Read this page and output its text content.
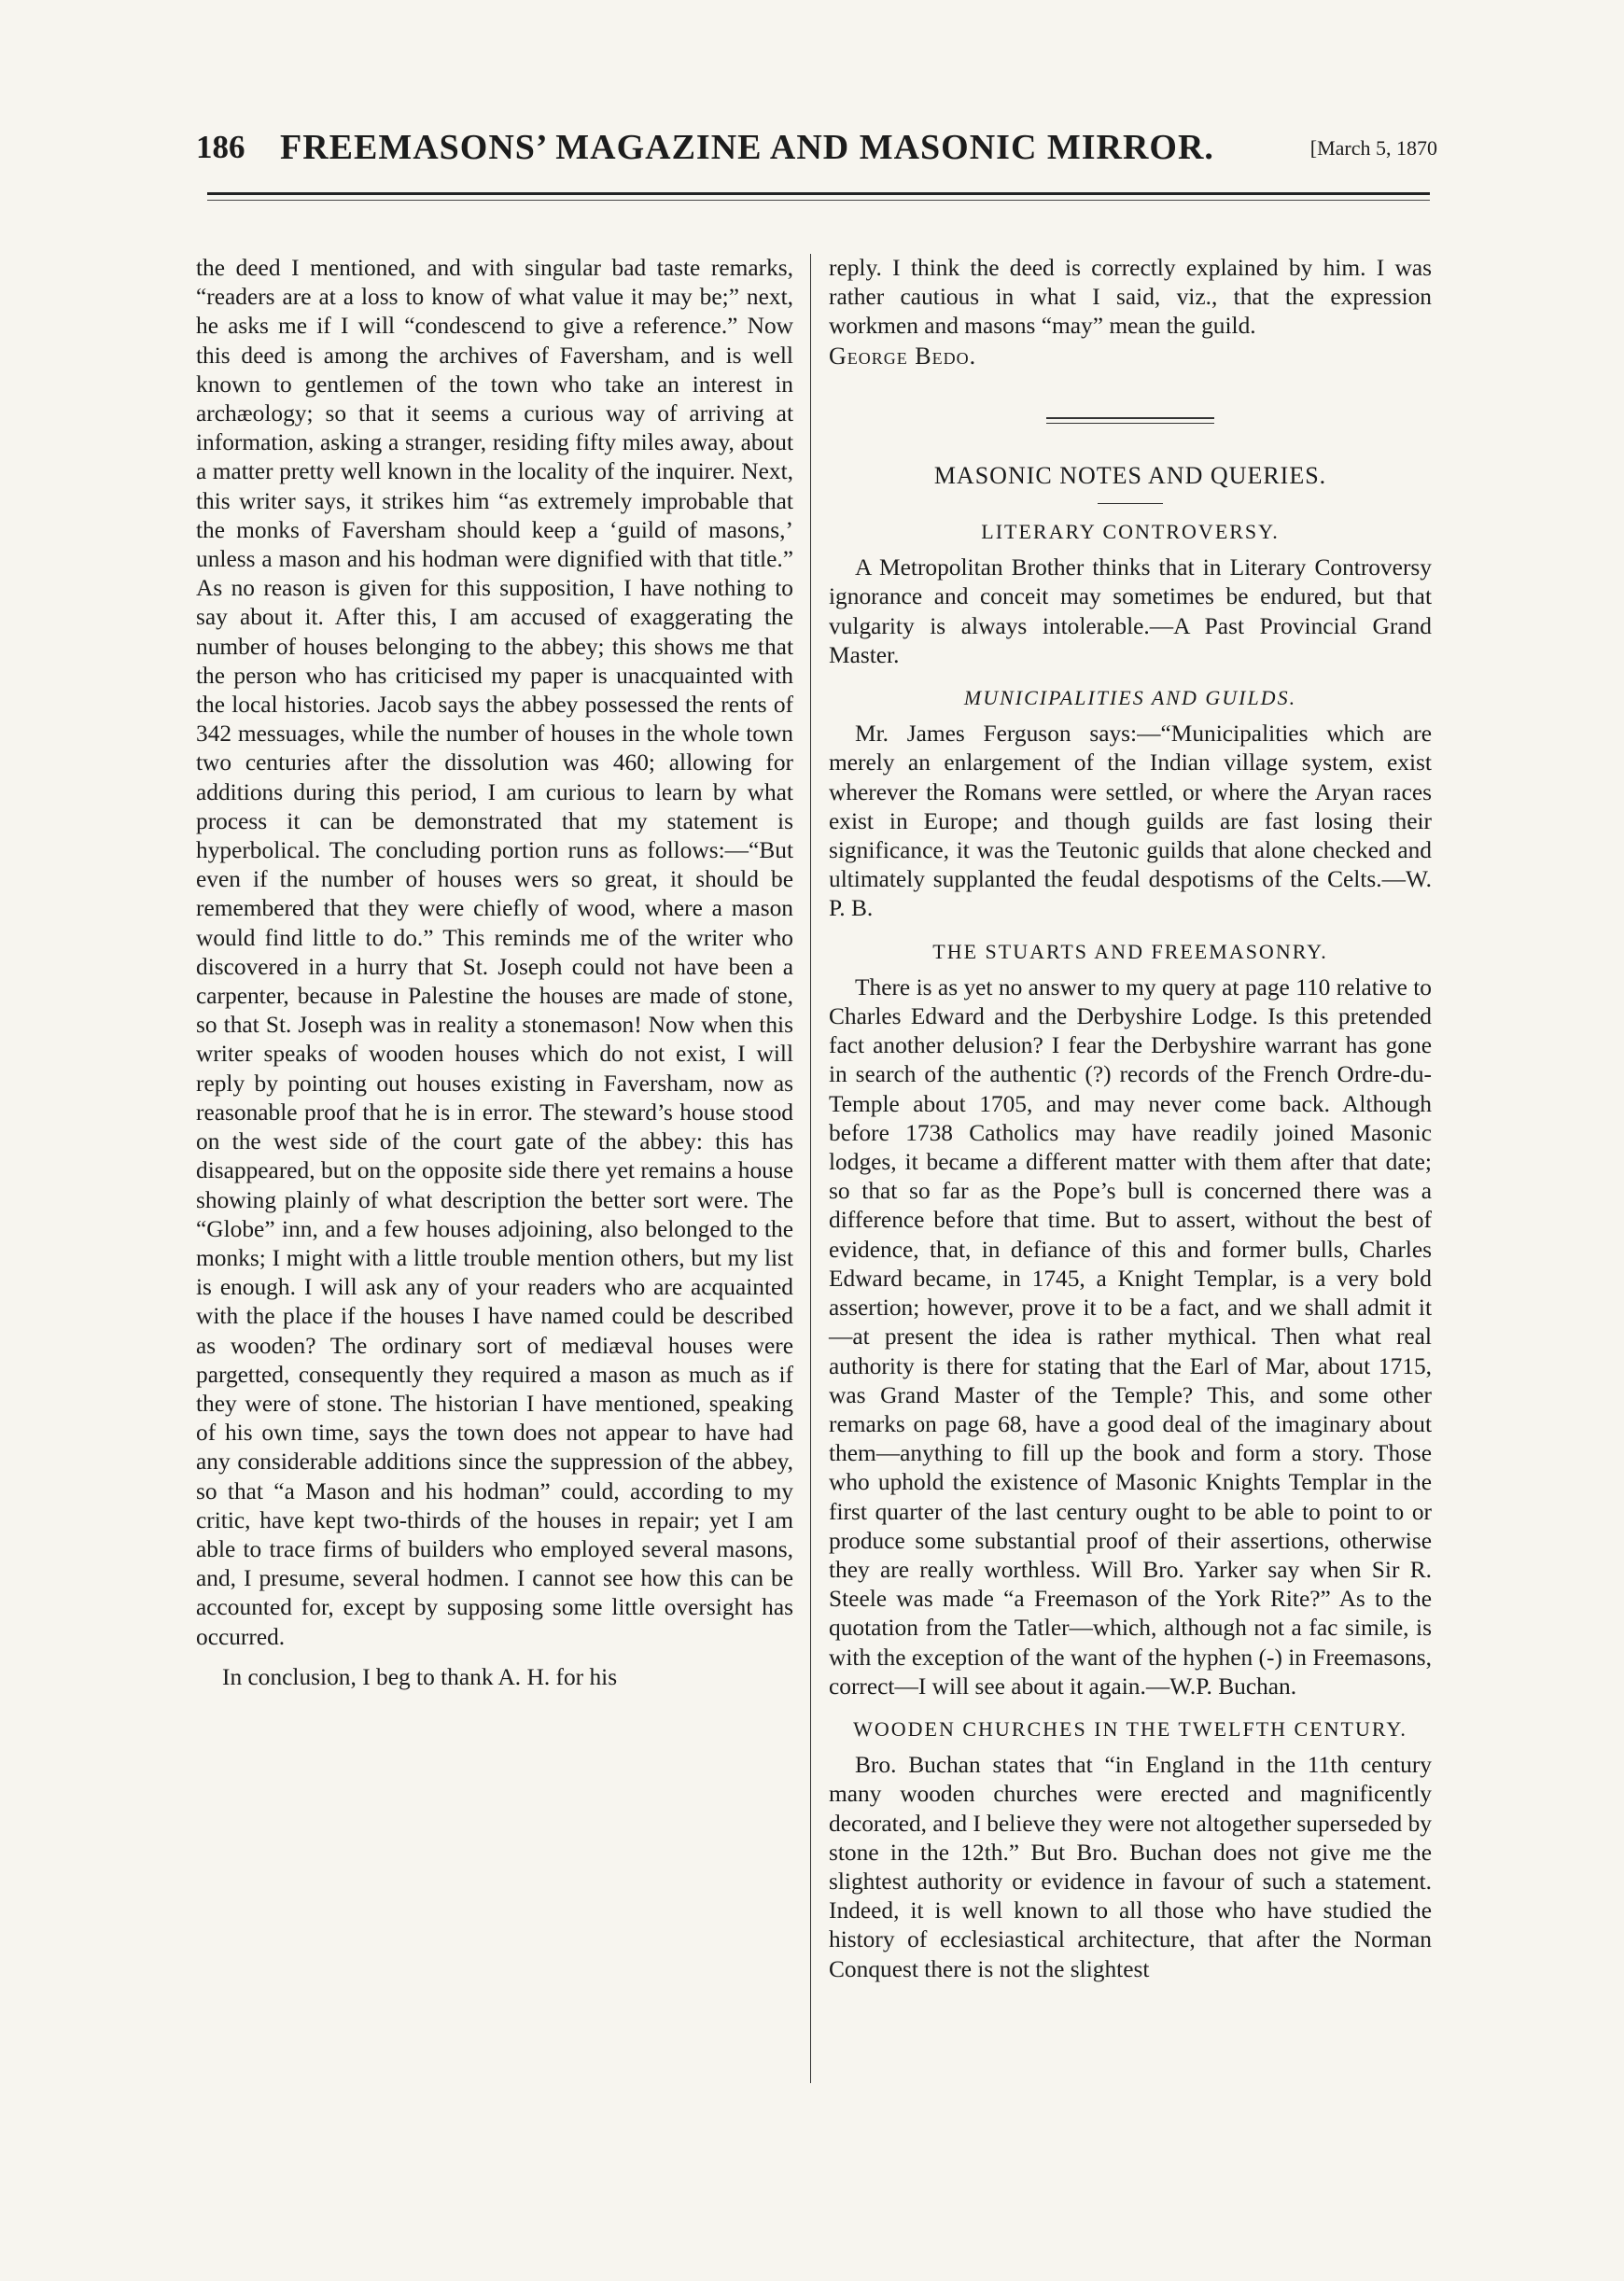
186 FREEMASONS’ MAGAZINE AND MASONIC MIRROR.	[March 5, 1870

the deed I mentioned, and with singular bad taste remarks, “readers are at a loss to know of what value it may be;” next, he asks me if I will “condescend to give a reference.” Now this deed is among the archives of Faversham, and is well known to gentlemen of the town who take an interest in archæology; so that it seems a curious way of arriving at information, asking a stranger, residing fifty miles away, about a matter pretty well known in the locality of the inquirer. Next, this writer says, it strikes him “as extremely improbable that the monks of Faversham should keep a ‘guild of masons,’ unless a mason and his hodman were dignified with that title.” As no reason is given for this supposition, I have nothing to say about it. After this, I am accused of exaggerating the number of houses belonging to the abbey; this shows me that the person who has criticised my paper is unacquainted with the local histories. Jacob says the abbey possessed the rents of 342 messuages, while the number of houses in the whole town two centuries after the dissolution was 460; allowing for additions during this period, I am curious to learn by what process it can be demonstrated that my statement is hyperbolical. The concluding portion runs as follows:—“But even if the number of houses wers so great, it should be remembered that they were chiefly of wood, where a mason would find little to do.” This reminds me of the writer who discovered in a hurry that St. Joseph could not have been a carpenter, because in Palestine the houses are made of stone, so that St. Joseph was in reality a stonemason! Now when this writer speaks of wooden houses which do not exist, I will reply by pointing out houses existing in Faversham, now as reasonable proof that he is in error. The steward’s house stood on the west side of the court gate of the abbey: this has disappeared, but on the opposite side there yet remains a house showing plainly of what description the better sort were. The “Globe” inn, and a few houses adjoining, also belonged to the monks; I might with a little trouble mention others, but my list is enough. I will ask any of your readers who are acquainted with the place if the houses I have named could be described as wooden? The ordinary sort of mediæval houses were pargetted, consequently they required a mason as much as if they were of stone. The historian I have mentioned, speaking of his own time, says the town does not appear to have had any considerable additions since the suppression of the abbey, so that “a Mason and his hodman” could, according to my critic, have kept two-thirds of the houses in repair; yet I am able to trace firms of builders who employed several masons, and, I presume, several hodmen. I cannot see how this can be accounted for, except by supposing some little oversight has occurred.

In conclusion, I beg to thank A. H. for his

reply. I think the deed is correctly explained by him. I was rather cautious in what I said, viz., that the expression workmen and masons “may” mean the guild.

George Bedo.

MASONIC NOTES AND QUERIES.
LITERARY CONTROVERSY.

A Metropolitan Brother thinks that in Literary Controversy ignorance and conceit may sometimes be endured, but that vulgarity is always intolerable.—A Past Provincial Grand Master.

MUNICIPALITIES AND GUILDS.

Mr. James Ferguson says:—“Municipalities which are merely an enlargement of the Indian village system, exist wherever the Romans were settled, or where the Aryan races exist in Europe; and though guilds are fast losing their significance, it was the Teutonic guilds that alone checked and ultimately supplanted the feudal despotisms of the Celts.—W. P. B.

THE STUARTS AND FREEMASONRY.

There is as yet no answer to my query at page 110 relative to Charles Edward and the Derbyshire Lodge. Is this pretended fact another delusion? I fear the Derbyshire warrant has gone in search of the authentic (?) records of the French Ordre-du-Temple about 1705, and may never come back. Although before 1738 Catholics may have readily joined Masonic lodges, it became a different matter with them after that date; so that so far as the Pope’s bull is concerned there was a difference before that time. But to assert, without the best of evidence, that, in defiance of this and former bulls, Charles Edward became, in 1745, a Knight Templar, is a very bold assertion; however, prove it to be a fact, and we shall admit it—at present the idea is rather mythical. Then what real authority is there for stating that the Earl of Mar, about 1715, was Grand Master of the Temple? This, and some other remarks on page 68, have a good deal of the imaginary about them—anything to fill up the book and form a story. Those who uphold the existence of Masonic Knights Templar in the first quarter of the last century ought to be able to point to or produce some substantial proof of their assertions, otherwise they are really worthless. Will Bro. Yarker say when Sir R. Steele was made “a Freemason of the York Rite?” As to the quotation from the Tatler—which, although not a fac simile, is with the exception of the want of the hyphen (-) in Freemasons, correct—I will see about it again.—W.P. Buchan.

WOODEN CHURCHES IN THE TWELFTH CENTURY.

Bro. Buchan states that “in England in the 11th century many wooden churches were erected and magnificently decorated, and I believe they were not altogether superseded by stone in the 12th.” But Bro. Buchan does not give me the slightest authority or evidence in favour of such a statement. Indeed, it is well known to all those who have studied the history of ecclesiastical architecture, that after the Norman Conquest there is not the slightest
